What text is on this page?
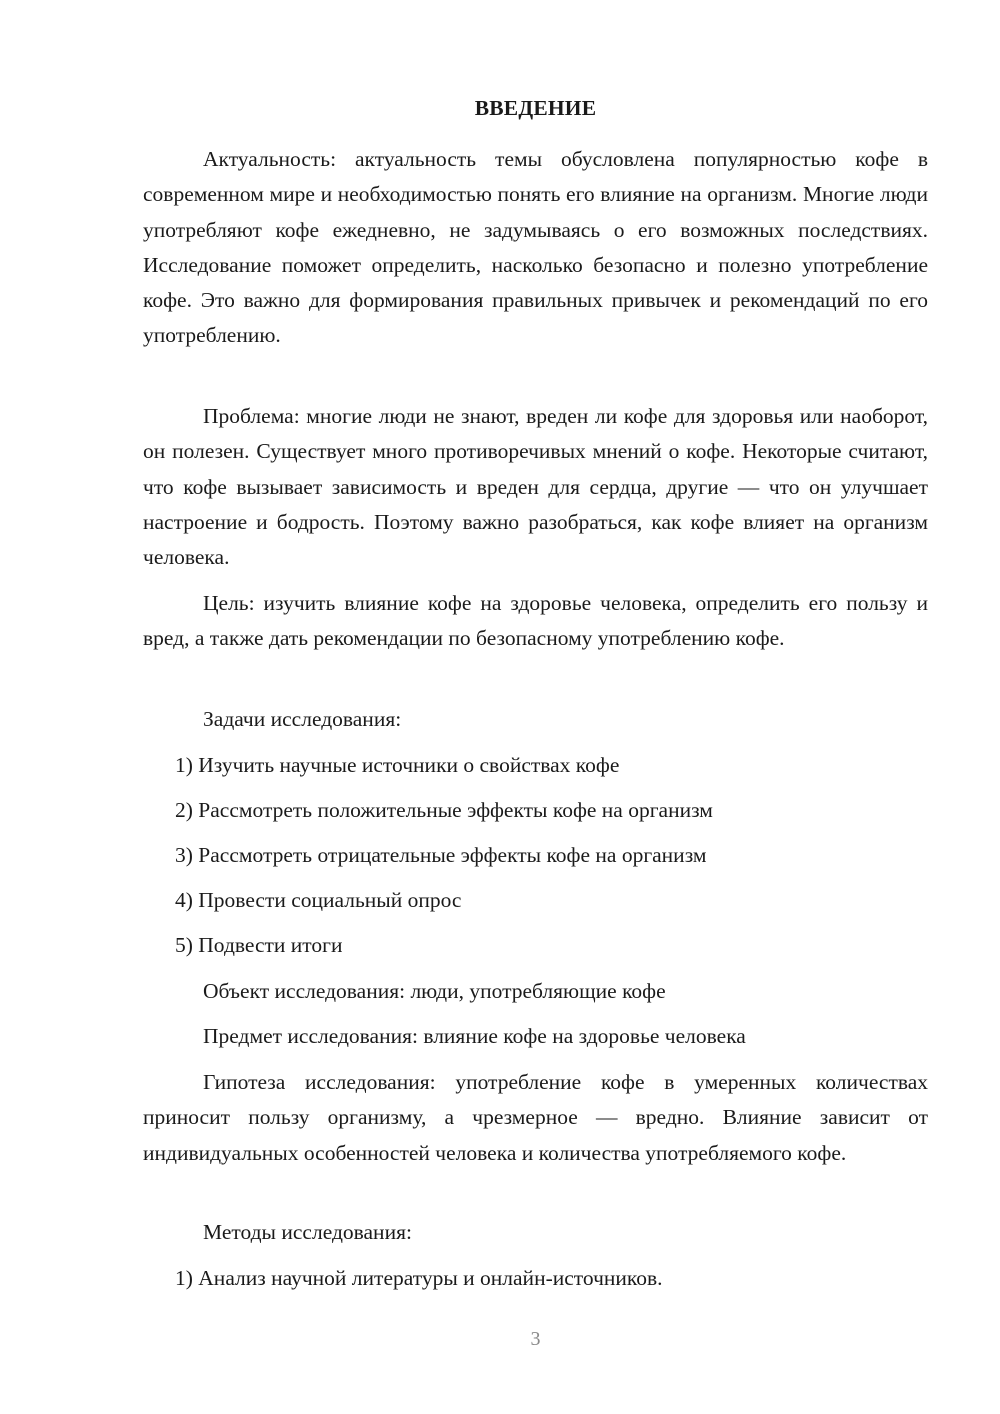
ВВЕДЕНИЕ
Актуальность: актуальность темы обусловлена популярностью кофе в современном мире и необходимостью понять его влияние на организм. Многие люди употребляют кофе ежедневно, не задумываясь о его возможных последствиях. Исследование поможет определить, насколько безопасно и полезно употребление кофе. Это важно для формирования правильных привычек и рекомендаций по его употреблению.
Проблема: многие люди не знают, вреден ли кофе для здоровья или наоборот, он полезен. Существует много противоречивых мнений о кофе. Некоторые считают, что кофе вызывает зависимость и вреден для сердца, другие — что он улучшает настроение и бодрость. Поэтому важно разобраться, как кофе влияет на организм человека.
Цель: изучить влияние кофе на здоровье человека, определить его пользу и вред, а также дать рекомендации по безопасному употреблению кофе.
Задачи исследования:
1) Изучить научные источники о свойствах кофе
2) Рассмотреть положительные эффекты кофе на организм
3) Рассмотреть отрицательные эффекты кофе на организм
4) Провести социальный опрос
5) Подвести итоги
Объект исследования: люди, употребляющие кофе
Предмет исследования: влияние кофе на здоровье человека
Гипотеза исследования: употребление кофе в умеренных количествах приносит пользу организму, а чрезмерное — вредно. Влияние зависит от индивидуальных особенностей человека и количества употребляемого кофе.
Методы исследования:
1) Анализ научной литературы и онлайн-источников.
3
